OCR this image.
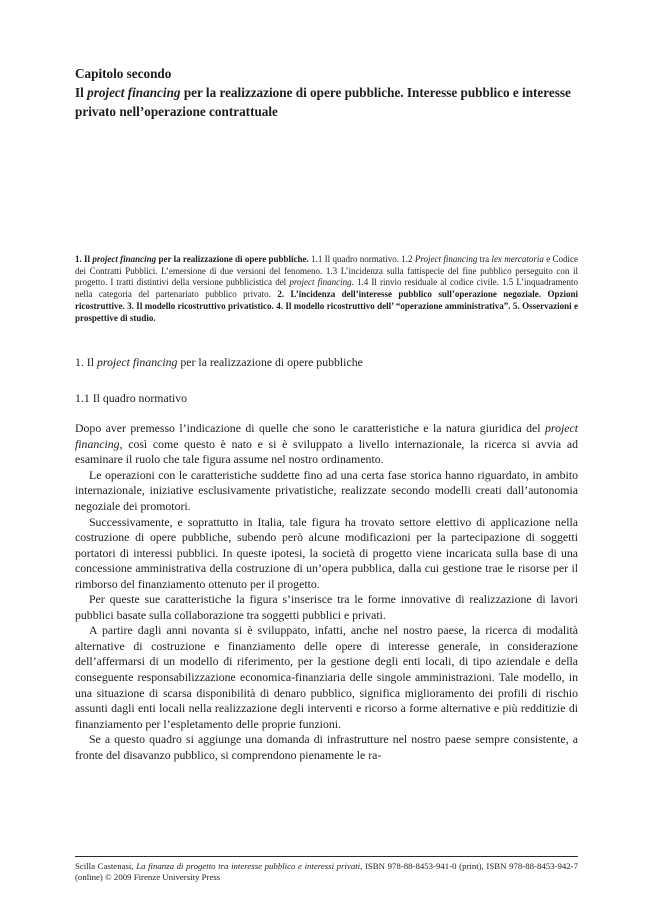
Capitolo secondo
Il project financing per la realizzazione di opere pubbliche. Interesse pubblico e interesse privato nell’operazione contrattuale
1. Il project financing per la realizzazione di opere pubbliche. 1.1 Il quadro normativo. 1.2 Project financing tra lex mercatoria e Codice dei Contratti Pubblici. L’emersione di due versioni del fenomeno. 1.3 L’incidenza sulla fattispecie del fine pubblico perseguito con il progetto. I tratti distintivi della versione pubblicistica del project financing. 1.4 Il rinvio residuale al codice civile. 1.5 L’inquadramento nella categoria del partenariato pubblico privato. 2. L’incidenza dell’interesse pubblico sull’operazione negoziale. Opzioni ricostruttive. 3. Il modello ricostruttivo privatistico. 4. Il modello ricostruttivo dell’ “operazione amministrativa”. 5. Osservazioni e prospettive di studio.
1. Il project financing per la realizzazione di opere pubbliche
1.1 Il quadro normativo

Dopo aver premesso l’indicazione di quelle che sono le caratteristiche e la natura giuridica del project financing, così come questo è nato e si è sviluppato a livello internazionale, la ricerca si avvia ad esaminare il ruolo che tale figura assume nel nostro ordinamento.

Le operazioni con le caratteristiche suddette fino ad una certa fase storica hanno riguardato, in ambito internazionale, iniziative esclusivamente privatistiche, realizzate secondo modelli creati dall’autonomia negoziale dei promotori.

Successivamente, e soprattutto in Italia, tale figura ha trovato settore elettivo di applicazione nella costruzione di opere pubbliche, subendo però alcune modificazioni per la partecipazione di soggetti portatori di interessi pubblici. In queste ipotesi, la società di progetto viene incaricata sulla base di una concessione amministrativa della costruzione di un’opera pubblica, dalla cui gestione trae le risorse per il rimborso del finanziamento ottenuto per il progetto.

Per queste sue caratteristiche la figura s’inserisce tra le forme innovative di realizzazione di lavori pubblici basate sulla collaborazione tra soggetti pubblici e privati.

A partire dagli anni novanta si è sviluppato, infatti, anche nel nostro paese, la ricerca di modalità alternative di costruzione e finanziamento delle opere di interesse generale, in considerazione dell’affermarsi di un modello di riferimento, per la gestione degli enti locali, di tipo aziendale e della conseguente responsabilizzazione economica-finanziaria delle singole amministrazioni. Tale modello, in una situazione di scarsa disponibilità di denaro pubblico, significa miglioramento dei profili di rischio assunti dagli enti locali nella realizzazione degli interventi e ricorso a forme alternative e più redditizie di finanziamento per l’espletamento delle proprie funzioni.

Se a questo quadro si aggiunge una domanda di infrastrutture nel nostro paese sempre consistente, a fronte del disavanzo pubblico, si comprendono pienamente le ra-

Scilla Castenasi, La finanza di progetto tra interesse pubblico e interessi privati, ISBN 978-88-8453-941-0 (print), ISBN 978-88-8453-942-7 (online) © 2009 Firenze University Press
